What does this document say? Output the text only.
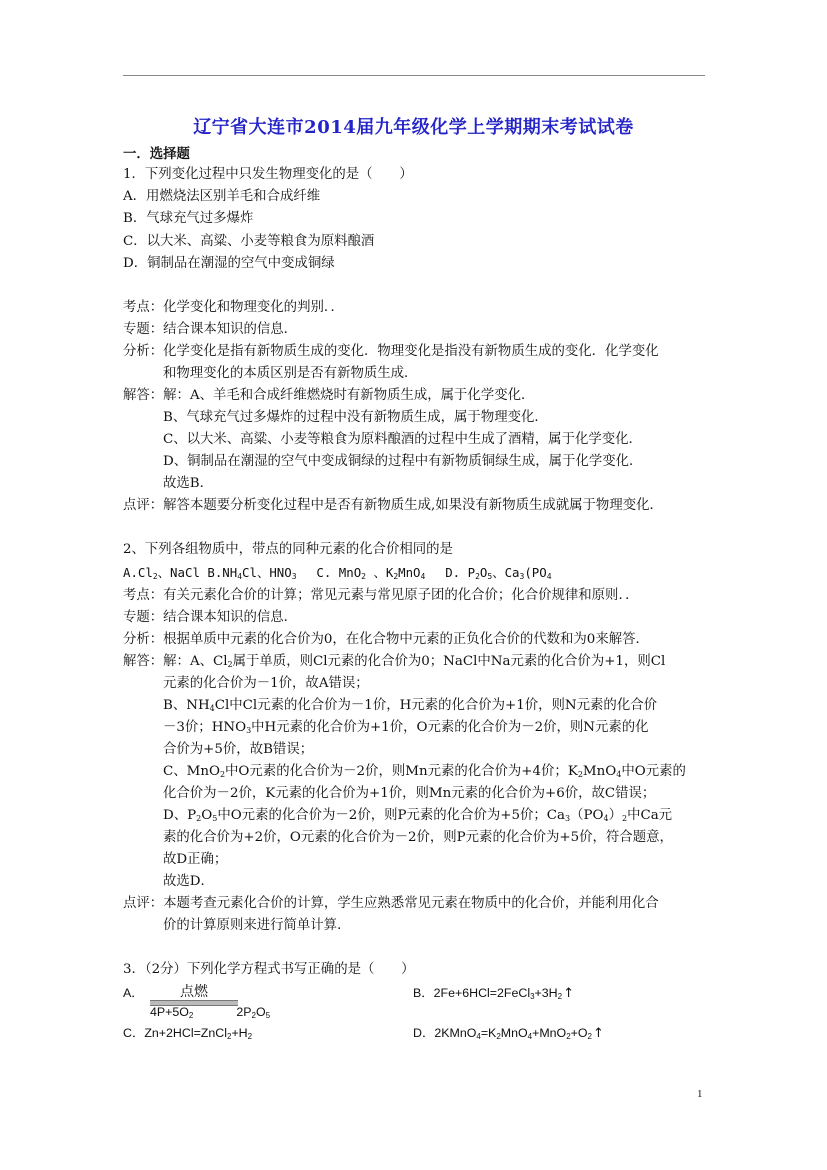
辽宁省大连市2014届九年级化学上学期期末考试试卷
一．选择题
1．下列变化过程中只发生物理变化的是（　　）
A．用燃烧法区别羊毛和合成纤维
B．气球充气过多爆炸
C．以大米、高粱、小麦等粮食为原料酿酒
D．铜制品在潮湿的空气中变成铜绿
考点：化学变化和物理变化的判别．．
专题：结合课本知识的信息．
分析：化学变化是指有新物质生成的变化．物理变化是指没有新物质生成的变化．化学变化
和物理变化的本质区别是否有新物质生成．
解答：解：A、羊毛和合成纤维燃烧时有新物质生成，属于化学变化．
B、气球充气过多爆炸的过程中没有新物质生成，属于物理变化．
C、以大米、高粱、小麦等粮食为原料酿酒的过程中生成了酒精，属于化学变化．
D、铜制品在潮湿的空气中变成铜绿的过程中有新物质铜绿生成，属于化学变化．
故选B．
点评：解答本题要分析变化过程中是否有新物质生成,如果没有新物质生成就属于物理变化．
2、下列各组物质中，带点的同种元素的化合价相同的是
$A.Cl_2$、NaCl $B.NH_4Cl$、$HNO_3$　 C. MnO$_2$ 、$K_2MnO_4$　 D. $P_2O_5$、$Ca_3(PO_4$
考点：有关元素化合价的计算；常见元素与常见原子团的化合价；化合价规律和原则．．
专题：结合课本知识的信息．
分析：根据单质中元素的化合价为0，在化合物中元素的正负化合价的代数和为0来解答．
解答：解：A、$Cl_2$属于单质，则Cl元素的化合价为0；NaCl中Na元素的化合价为+1，则Cl
元素的化合价为－1价，故A错误；
B、$NH_4Cl$中Cl元素的化合价为－1价，H元素的化合价为+1价，则N元素的化合价
－3价；$HNO_3$中H元素的化合价为+1价，O元素的化合价为－2价，则N元素的化
合价为+5价，故B错误；
C、MnO$_2$中O元素的化合价为－2价，则Mn元素的化合价为+4价；$K_2MnO_4$中O元素的
化合价为－2价，K元素的化合价为+1价，则Mn元素的化合价为+6价，故C错误；
D、$P_2O_5$中O元素的化合价为－2价，则P元素的化合价为+5价；$Ca_3(PO_4)_2$中Ca元
素的化合价为+2价，O元素的化合价为－2价，则P元素的化合价为+5价，符合题意，
故D正确；
故选D．
点评：本题考查元素化合价的计算，学生应熟悉常见元素在物质中的化合价，并能利用化合
价的计算原则来进行简单计算．
3．（2分）下列化学方程式书写正确的是（　　）
A．	点燃
$4P+5O_2$	$2P_2O_5$
B．$2Fe+6HCl=2FeCl_3+3H_2↑$
C．$Zn+2HCl=ZnCl_2+H_2$	D．$2KMnO_4=K_2MnO_4+MnO_2+O_2↑$
1
